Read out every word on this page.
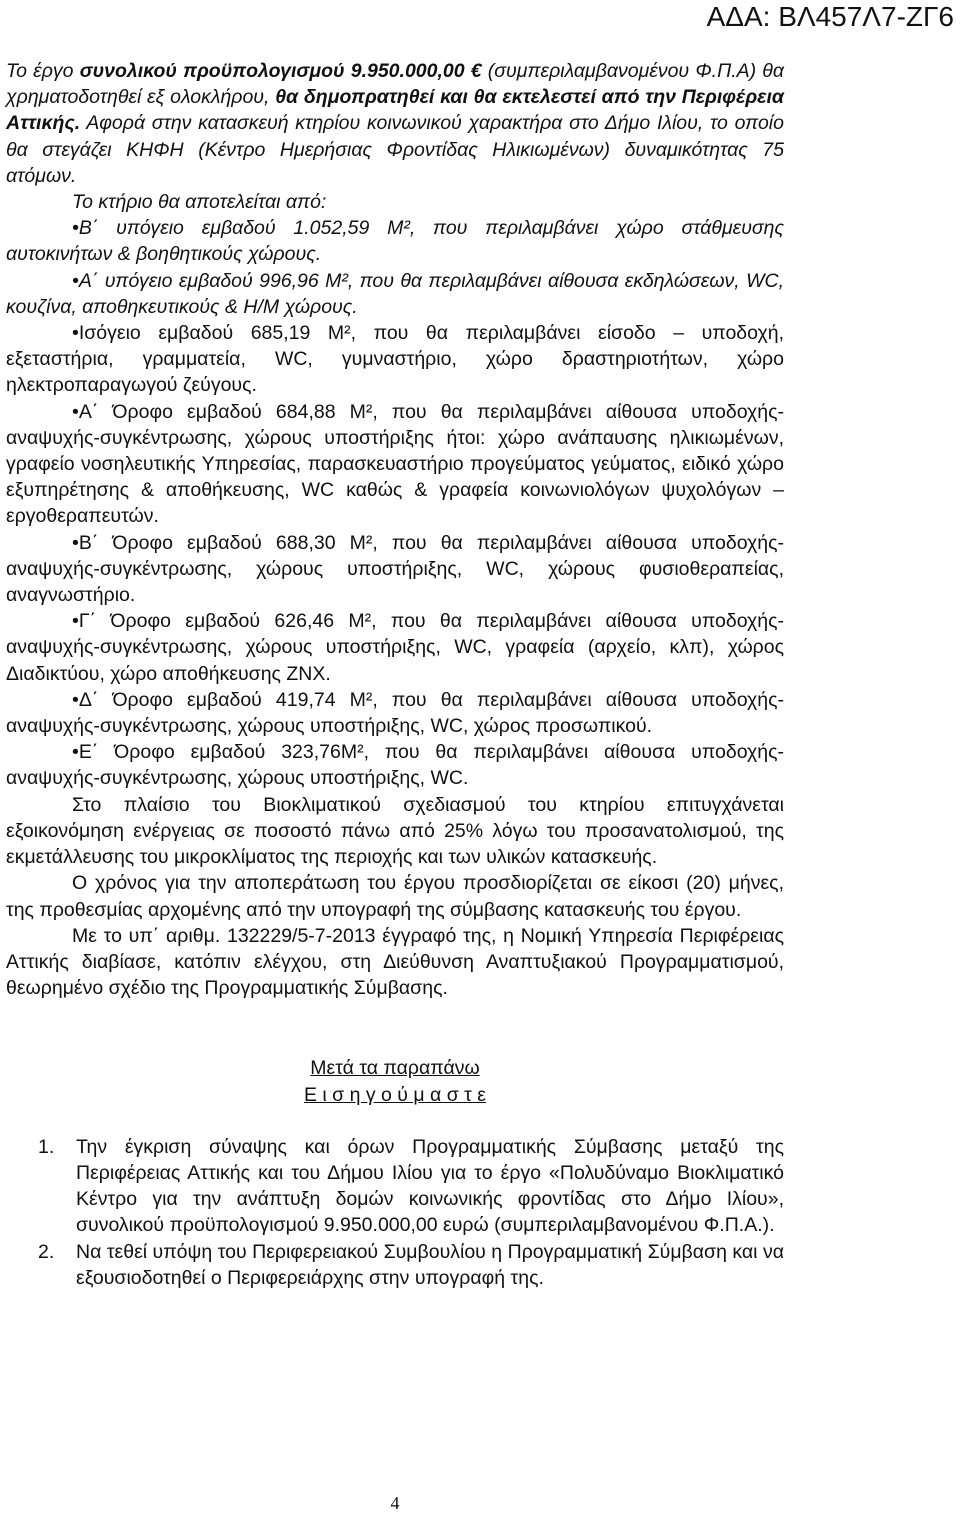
ΑΔΑ: ΒΛ457Λ7-ΖΓ6

Το έργο συνολικού προϋπολογισμού 9.950.000,00 € (συμπεριλαμβανομένου Φ.Π.Α) θα χρηματοδοτηθεί εξ ολοκλήρου, θα δημοπρατηθεί και θα εκτελεστεί από την Περιφέρεια Αττικής. Αφορά στην κατασκευή κτηρίου κοινωνικού χαρακτήρα στο Δήμο Ιλίου, το οποίο θα στεγάζει ΚΗΦΗ (Κέντρο Ημερήσιας Φροντίδας Ηλικιωμένων) δυναμικότητας 75 ατόμων.

Το κτήριο θα αποτελείται από:

• Β΄ υπόγειο εμβαδού 1.052,59 Μ², που περιλαμβάνει χώρο στάθμευσης αυτοκινήτων & βοηθητικούς χώρους.

• Α΄ υπόγειο εμβαδού 996,96 Μ², που θα περιλαμβάνει αίθουσα εκδηλώσεων, WC, κουζίνα, αποθηκευτικούς & Η/Μ χώρους.

• Ισόγειο εμβαδού 685,19 Μ², που θα περιλαμβάνει είσοδο – υποδοχή, εξεταστήρια, γραμματεία, WC, γυμναστήριο, χώρο δραστηριοτήτων, χώρο ηλεκτροπαραγωγού ζεύγους.

• Α΄ Όροφο εμβαδού 684,88 Μ², που θα περιλαμβάνει αίθουσα υποδοχής-αναψυχής-συγκέντρωσης, χώρους υποστήριξης ήτοι: χώρο ανάπαυσης ηλικιωμένων, γραφείο νοσηλευτικής Υπηρεσίας, παρασκευαστήριο προγεύματος γεύματος, ειδικό χώρο εξυπηρέτησης & αποθήκευσης, WC καθώς & γραφεία κοινωνιολόγων ψυχολόγων – εργοθεραπευτών.

• Β΄ Όροφο εμβαδού 688,30 Μ², που θα περιλαμβάνει αίθουσα υποδοχής-αναψυχής-συγκέντρωσης, χώρους υποστήριξης, WC, χώρους φυσιοθεραπείας, αναγνωστήριο.

• Γ΄ Όροφο εμβαδού 626,46 Μ², που θα περιλαμβάνει αίθουσα υποδοχής-αναψυχής-συγκέντρωσης, χώρους υποστήριξης, WC, γραφεία (αρχείο, κλπ), χώρος Διαδικτύου, χώρο αποθήκευσης ΖΝΧ.

• Δ΄ Όροφο εμβαδού 419,74 Μ², που θα περιλαμβάνει αίθουσα υποδοχής-αναψυχής-συγκέντρωσης, χώρους υποστήριξης, WC, χώρος προσωπικού.

• Ε΄ Όροφο εμβαδού 323,76Μ², που θα περιλαμβάνει αίθουσα υποδοχής-αναψυχής-συγκέντρωσης, χώρους υποστήριξης, WC.

Στο πλαίσιο του Βιοκλιματικού σχεδιασμού του κτηρίου επιτυγχάνεται εξοικονόμηση ενέργειας σε ποσοστό πάνω από 25% λόγω του προσανατολισμού, της εκμετάλλευσης του μικροκλίματος της περιοχής και των υλικών κατασκευής.

Ο χρόνος για την αποπεράτωση του έργου προσδιορίζεται σε είκοσι (20) μήνες, της προθεσμίας αρχομένης από την υπογραφή της σύμβασης κατασκευής του έργου.

Με το υπ΄ αριθμ. 132229/5-7-2013 έγγραφό της, η Νομική Υπηρεσία Περιφέρειας Αττικής διαβίασε, κατόπιν ελέγχου, στη Διεύθυνση Αναπτυξιακού Προγραμματισμού, θεωρημένο σχέδιο της Προγραμματικής Σύμβασης.

Μετά τα παραπάνω
Ε ι σ η γ ο ύ μ α σ τ ε
1. Την έγκριση σύναψης και όρων Προγραμματικής Σύμβασης μεταξύ της Περιφέρειας Αττικής και του Δήμου Ιλίου για το έργο «Πολυδύναμο Βιοκλιματικό Κέντρο για την ανάπτυξη δομών κοινωνικής φροντίδας στο Δήμο Ιλίου», συνολικού προϋπολογισμού 9.950.000,00 ευρώ (συμπεριλαμβανομένου Φ.Π.Α.).
2. Να τεθεί υπόψη του Περιφερειακού Συμβουλίου η Προγραμματική Σύμβαση και να εξουσιοδοτηθεί ο Περιφερειάρχης στην υπογραφή της.
4
